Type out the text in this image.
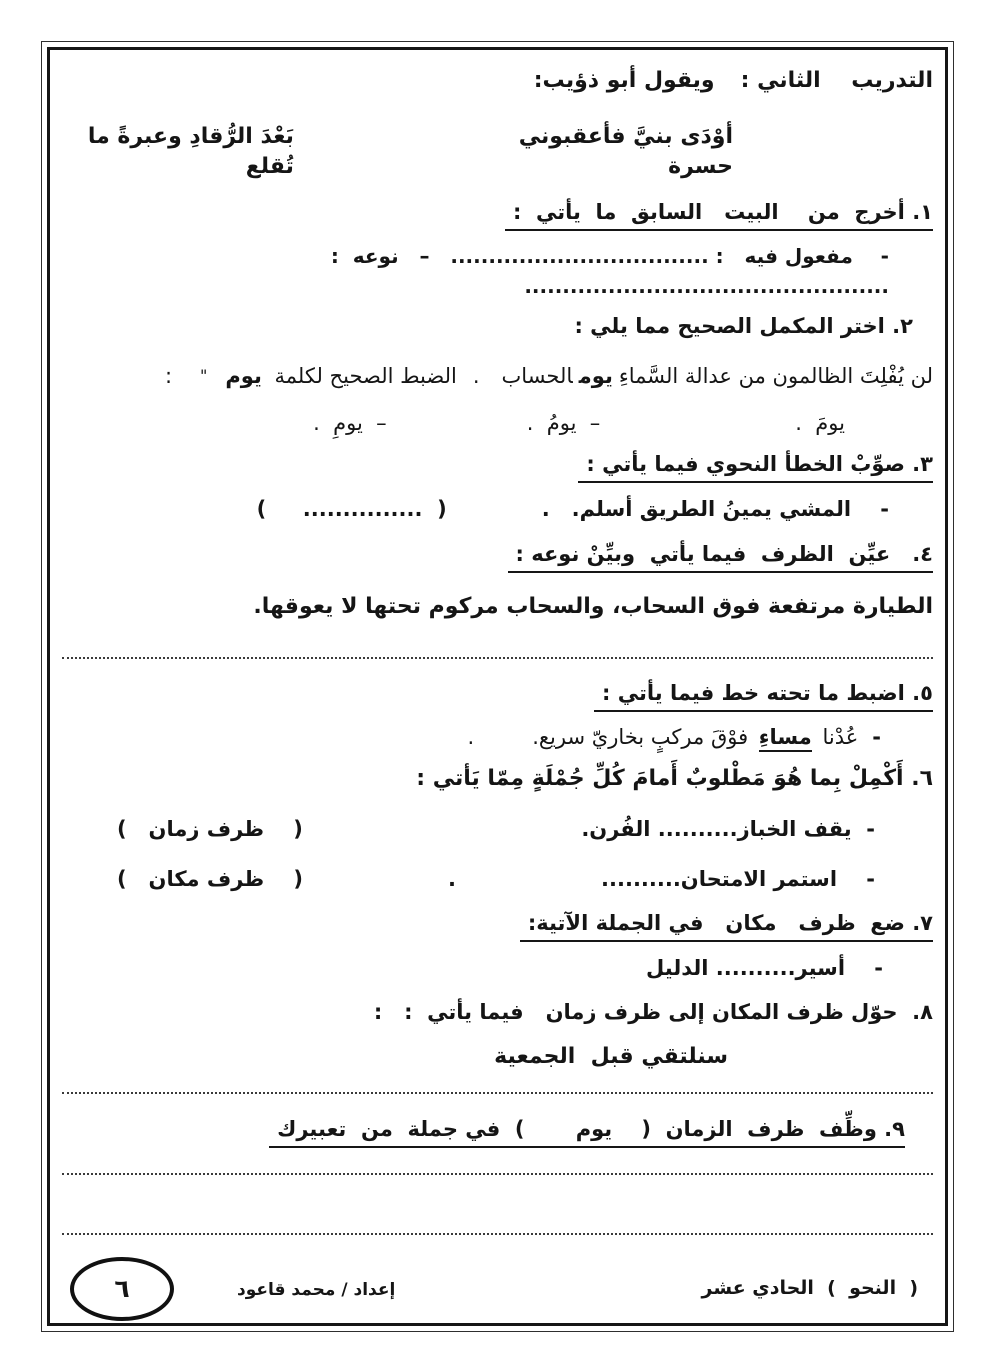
التدريب    الثاني :
ويقول أبو ذؤيب:
أوْدَى بنيَّ فأعقبوني حسرة
بَعْدَ الرُّقادِ وعبرةً ما تُقلع
١. أخرج  من    البيت   السابق  ما  يأتي  :
-    مفعول فيه   : ..................................   –   نوعه  : ................................................
٢. اختر المكمل الصحيح مما يلي :
لن يُفْلِتَ الظالمون من عدالة السَّماءِيومالحساب.الضبط الصحيح لكلمة يوم":
يومَ  .
–  يومُ  .
–  يومِ  .
٣. صوِّبْ الخطأ النحوي فيما يأتي :
-    المشي يمينُ الطريق أسلم.   .
(  ...............     )
٤.   عيِّن  الظرف  فيما يأتي  وبيِّنْ نوعه :
الطيارة مرتفعة فوق السحاب، والسحاب مركوم تحتها لا يعوقها.
٥. اضبط ما تحته خط فيما يأتي :
-عُدْنا مساءِ فوْقَ مركبٍ بخاريّ سريع..
٦. أَكْمِلْ بِما هُوَ مَطْلوبٌ أَمامَ كُلِّ جُمْلَةٍ مِمّا يَأتي :
-  يقف الخباز.......... الفُرن.
(    ظرف زمان   )
-    استمر الامتحان..........
.
(    ظرف مكان   )
٧. ضع  ظرف   مكان   في الجملة الآتية:
-    أسير.......... الدليل
٨.  حوّل ظرف المكان إلى ظرف زمان   فيما يأتي  :   :
سنلتقي قبل  الجمعية
٩. وظِّف  ظرف  الزمان  (    يوم       )  في جملة  من  تعبيرك
(  النحو  )  الحادي عشر
إعداد / محمد قاعود
٦
